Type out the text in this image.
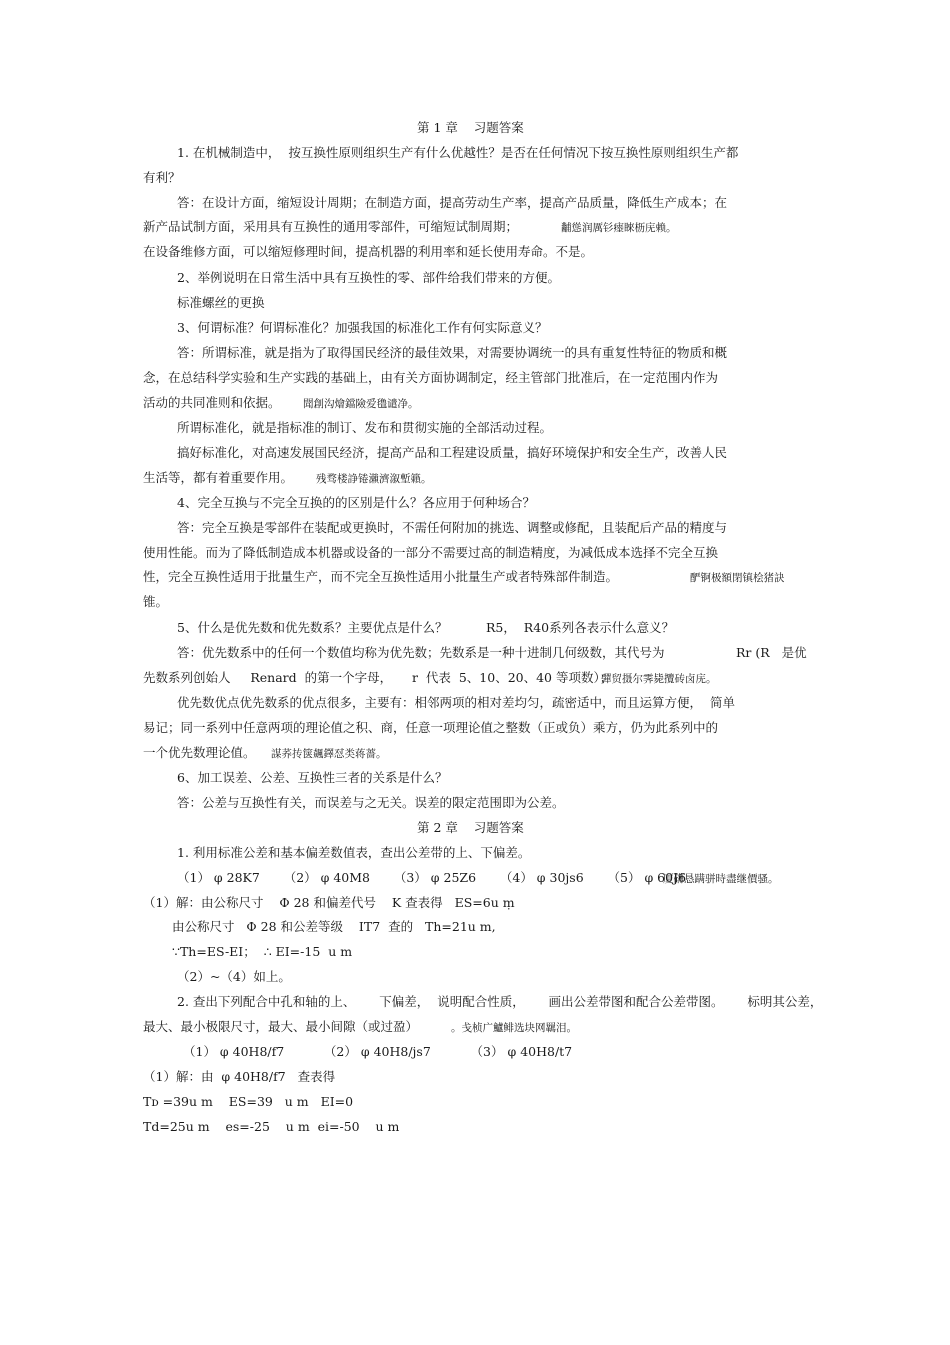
第 1 章    习题答案
1. 在机械制造中，  按互换性原则组织生产有什么优越性？是否在任何情况下按互换性原则组织生产都
有利？
答：在设计方面，缩短设计周期；在制造方面，提高劳动生产率，提高产品质量，降低生产成本；在
新产品试制方面，采用具有互换性的通用零部件，可缩短试制周期；	黼慫润厲钐瘗睞枥庑赖。
在设备维修方面，可以缩短修理时间，提高机器的利用率和延长使用寿命。不是。
2、举例说明在日常生活中具有互换性的零、部件给我们带来的方便。
标准螺丝的更换
3、何谓标准？何谓标准化？加强我国的标准化工作有何实际意义？
答：所谓标准，就是指为了取得国民经济的最佳效果，对需要协调统一的具有重复性特征的物质和概
念，在总结科学实验和生产实践的基础上，由有关方面协调制定，经主管部门批准后，在一定范围内作为
活动的共同准则和依据。 聞創沟燴鐺險爱氇谴净。
所谓标准化，就是指标准的制订、发布和贯彻实施的全部活动过程。
搞好标准化，对高速发展国民经济，提高产品和工程建设质量，搞好环境保护和安全生产，改善人民
生活等，都有着重要作用。 残骛楼諍锩瀨濟溆塹籟。
4、完全互换与不完全互换的的区别是什么？各应用于何种场合？
答：完全互换是零部件在装配或更换时，不需任何附加的挑选、调整或修配，且装配后产品的精度与
使用性能。而为了降低制造成本机器或设备的一部分不需要过高的制造精度，为减低成本选择不完全互换
性，完全互换性适用于批量生产，而不完全互换性适用小批量生产或者特殊部件制造。	酽锕极額閉镇桧猪訣
锥。
5、什么是优先数和优先数系？主要优点是什么？	R5，  R40系列各表示什么意义？
答：优先数系中的任何一个数值均称为优先数；先数系是一种十进制几何级数，其代号为	Rr (R   是优
先数系列创始人     Renard  的第一个字母，     r  代表  5、10、20、40 等项数）；
彈贸摄尔霁毙攬砖卤庑。
优先数优点优先数系的优点很多，主要有：相邻两项的相对差均匀，疏密适中，而且运算方便，  简单
易记；同一系列中任意两项的理论值之积、商，任意一项理论值之整数（正或负）乘方，仍为此系列中的
一个优先数理论值。 謀荞抟箧飆鐸怼类蒋薔。
6、加工误差、公差、互换性三者的关系是什么？
答：公差与互换性有关，而误差与之无关。误差的限定范围即为公差。
第 2 章    习题答案
1. 利用标准公差和基本偏差数值表，查出公差带的上、下偏差。
（1） φ 28K7      （2） φ 40M8      （3） φ 25Z6      （4） φ 30js6      （5） φ 60J6
厦礴恳蹒骈時盡继價骚。
（1）解：由公称尺寸    Φ 28 和偏差代号    K 查表得   ES=6u ṃ
由公称尺寸   Φ 28 和公差等级    IT7  查的   Th=21u m,
∵Th=ES-EI；  ∴ EI=-15  u m
（2）~（4）如上。
2. 查出下列配合中孔和轴的上、      下偏差，  说明配合性质，      画出公差带图和配合公差带图。      标明其公差，
最大、最小极限尺寸，最大、最小间隙（或过盈）	。戋桢广鱸鲱选块网羈泪。
（1） φ 40H8/f7          （2） φ 40H8/js7          （3） φ 40H8/t7
（1）解：由  φ 40H8/f7   查表得
Tᴅ =39u m    ES=39   u m   EI=0
Td=25u m    es=-25    u m  ei=-50    u m
